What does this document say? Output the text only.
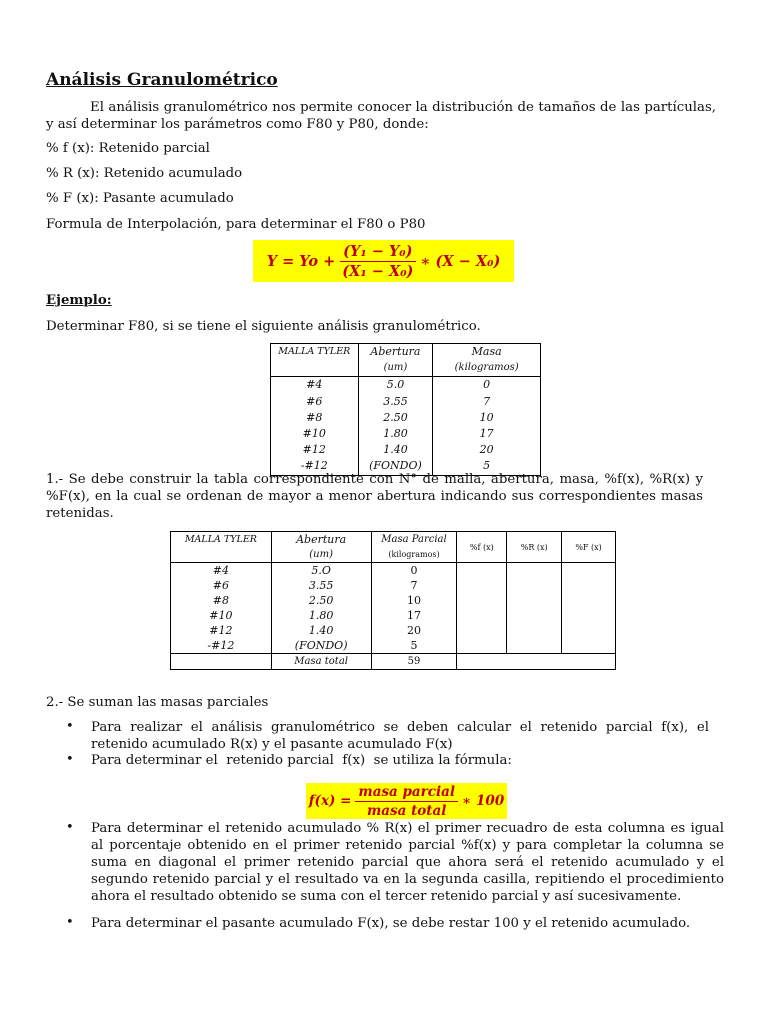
Análisis Granulométrico
El análisis granulométrico nos permite conocer la distribución de tamaños de las partículas, y así determinar los parámetros como F80 y P80, donde:
% f (x): Retenido parcial
% R (x): Retenido acumulado
% F (x): Pasante acumulado
Formula de Interpolación, para determinar el F80 o P80
$Y = Yo + \frac{\text{(Y₁ − Y₀)}}{\text{(X₁ − X₀)}}$ ∗ (X − X₀)
Ejemplo:
Determinar F80, si se tiene el siguiente análisis granulométrico.
MALLA TYLER	Abertura	Masa
	(um)	(kilogramos)
#4	5.0	0
#6	3.55	7
#8	2.50	10
#10	1.80	17
#12	1.40	20
-#12	(FONDO)	5
1.- Se debe construir la tabla correspondiente con N° de malla, abertura, masa, %f(x), %R(x) y %F(x), en la cual se ordenan de mayor a menor abertura indicando sus correspondientes masas retenidas.
MALLA TYLER	Abertura	Masa Parcial	%f (x)	%R (x)	%F (x)
	(um)	(kilogramos)			
#4	5.O	0			
#6	3.55	7			
#8	2.50	10			
#10	1.80	17			
#12	1.40	20			
-#12	(FONDO)	5			
	Masa total	59			
2.- Se suman las masas parciales
• Para realizar el análisis granulométrico se deben calcular el retenido parcial f(x), el retenido acumulado R(x) y el pasante acumulado F(x)
• Para determinar el  retenido parcial  f(x)  se utiliza la fórmula:
$f(x) = \frac{\text{masa parcial}}{\text{masa total}}$ ∗ 100
• Para determinar el retenido acumulado % R(x) el primer recuadro de esta columna es igual al porcentaje obtenido en el primer retenido parcial %f(x) y para completar la columna se suma en diagonal el primer retenido parcial que ahora será el retenido acumulado y el segundo retenido parcial y el resultado va en la segunda casilla, repitiendo el procedimiento ahora el resultado obtenido se suma con el tercer retenido parcial y así sucesivamente.
• Para determinar el pasante acumulado F(x), se debe restar 100 y el retenido acumulado.
